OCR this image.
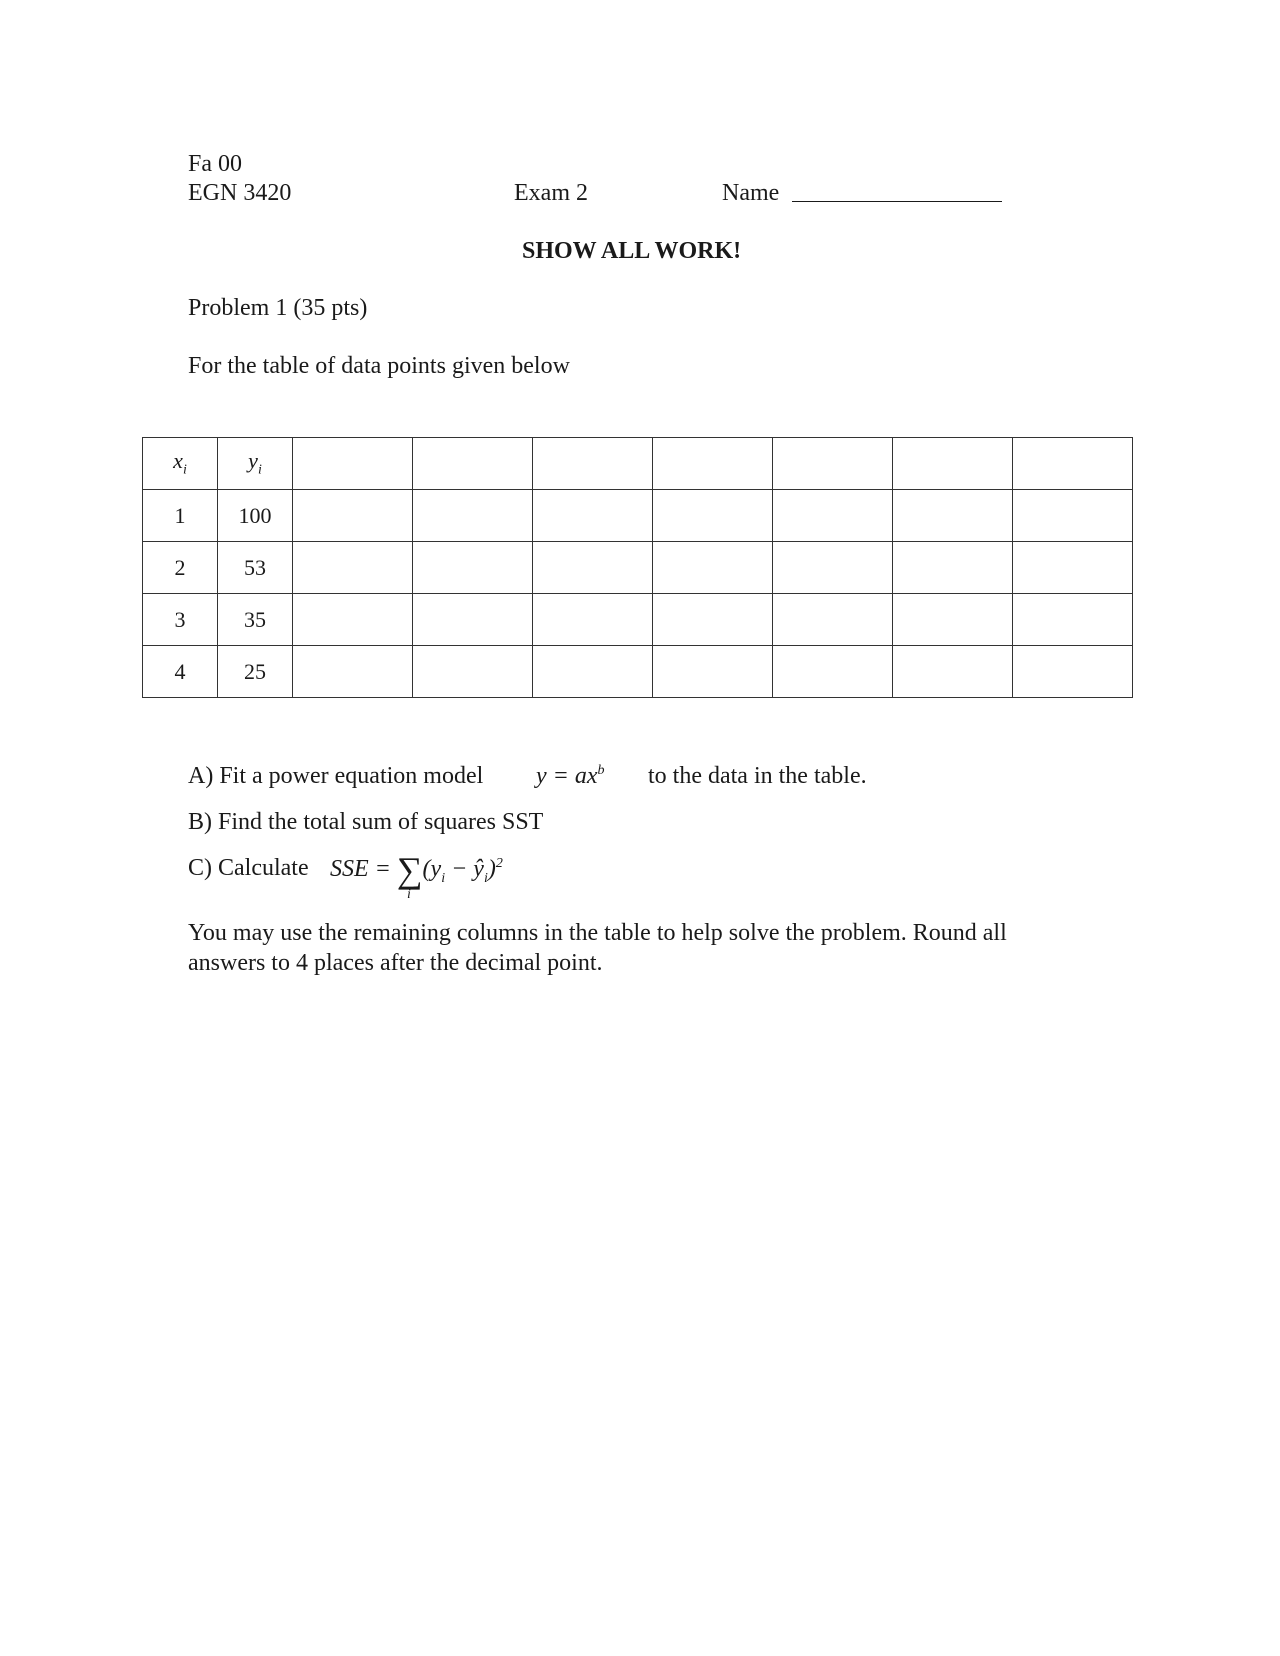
Fa 00
EGN 3420	Exam 2	Name
SHOW ALL WORK!
Problem 1 (35 pts)
For the table of data points given below
$x_i$	$y_i$							
1	100							
2	53							
3	35							
4	25							
A) Fit a power equation model $y = ax^b$ to the data in the table.
B) Find the total sum of squares SST
C) Calculate SSE = $\sum(y_i$ − $ŷ_i)^2$
i
You may use the remaining columns in the table to help solve the problem. Round all
answers to 4 places after the decimal point.
